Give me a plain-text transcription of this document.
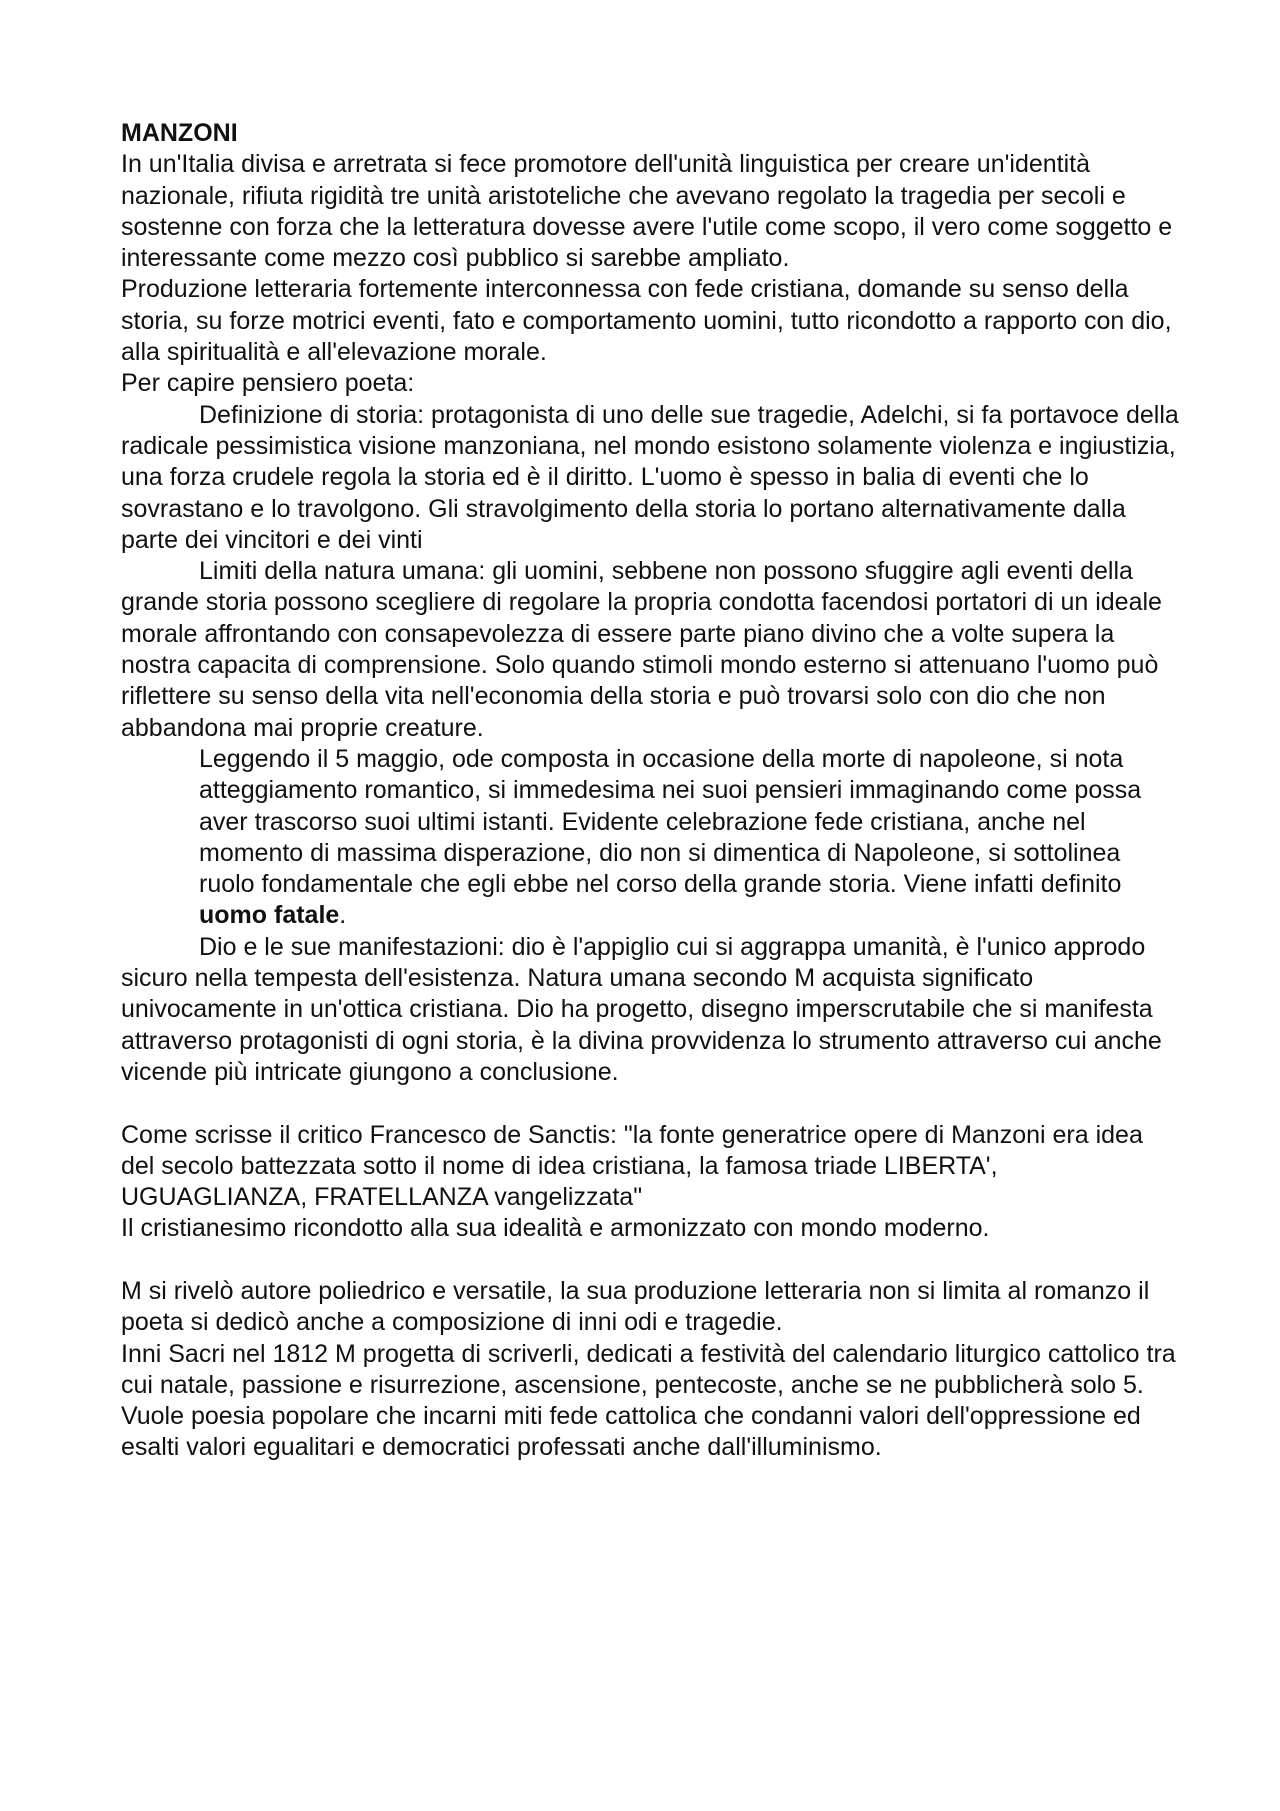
MANZONI

In un'Italia divisa e arretrata si fece promotore dell'unità linguistica per creare un'identità nazionale, rifiuta rigidità tre unità aristoteliche che avevano regolato la tragedia per secoli e sostenne con forza che la letteratura dovesse avere l'utile come scopo, il vero come soggetto e interessante come mezzo così pubblico si sarebbe ampliato.

Produzione letteraria fortemente interconnessa con fede cristiana, domande su senso della storia, su forze motrici eventi, fato e comportamento uomini, tutto ricondotto a rapporto con dio, alla spiritualità e all'elevazione morale.

Per capire pensiero poeta:

Definizione di storia: protagonista di uno delle sue tragedie, Adelchi, si fa portavoce della radicale pessimistica visione manzoniana, nel mondo esistono solamente violenza e ingiustizia, una forza crudele regola la storia ed è il diritto. L'uomo è spesso in balia di eventi che lo sovrastano e lo travolgono. Gli stravolgimento della storia lo portano alternativamente dalla parte dei vincitori e dei vinti

Limiti della natura umana: gli uomini, sebbene non possono sfuggire agli eventi della grande storia possono scegliere di regolare la propria condotta facendosi portatori di un ideale morale affrontando con consapevolezza di essere parte piano divino che a volte supera la nostra capacita di comprensione. Solo quando stimoli mondo esterno si attenuano l'uomo può riflettere su senso della vita nell'economia della storia e può trovarsi solo con dio che non abbandona mai proprie creature.

Leggendo il 5 maggio, ode composta in occasione della morte di napoleone, si nota atteggiamento romantico, si immedesima nei suoi pensieri immaginando come possa aver trascorso suoi ultimi istanti. Evidente celebrazione fede cristiana, anche nel momento di massima disperazione, dio non si dimentica di Napoleone, si sottolinea ruolo fondamentale che egli ebbe nel corso della grande storia. Viene infatti definito uomo fatale.

Dio e le sue manifestazioni: dio è l'appiglio cui si aggrappa umanità, è l'unico approdo sicuro nella tempesta dell'esistenza. Natura umana secondo M acquista significato univocamente in un'ottica cristiana. Dio ha progetto, disegno imperscrutabile che si manifesta attraverso protagonisti di ogni storia, è la divina provvidenza lo strumento attraverso cui anche vicende più intricate giungono a conclusione.

Come scrisse il critico Francesco de Sanctis: "la fonte generatrice opere di Manzoni era idea del secolo battezzata sotto il nome di idea cristiana, la famosa triade LIBERTA', UGUAGLIANZA, FRATELLANZA vangelizzata"

Il cristianesimo ricondotto alla sua idealità e armonizzato con mondo moderno.

M si rivelò autore poliedrico e versatile, la sua produzione letteraria non si limita al romanzo il poeta si dedicò anche a composizione di inni odi e tragedie.

Inni Sacri nel 1812 M progetta di scriverli, dedicati a festività del calendario liturgico cattolico tra cui natale, passione e risurrezione, ascensione, pentecoste, anche se ne pubblicherà solo 5.

Vuole poesia popolare che incarni miti fede cattolica che condanni valori dell'oppressione ed esalti valori egualitari e democratici professati anche dall'illuminismo.
